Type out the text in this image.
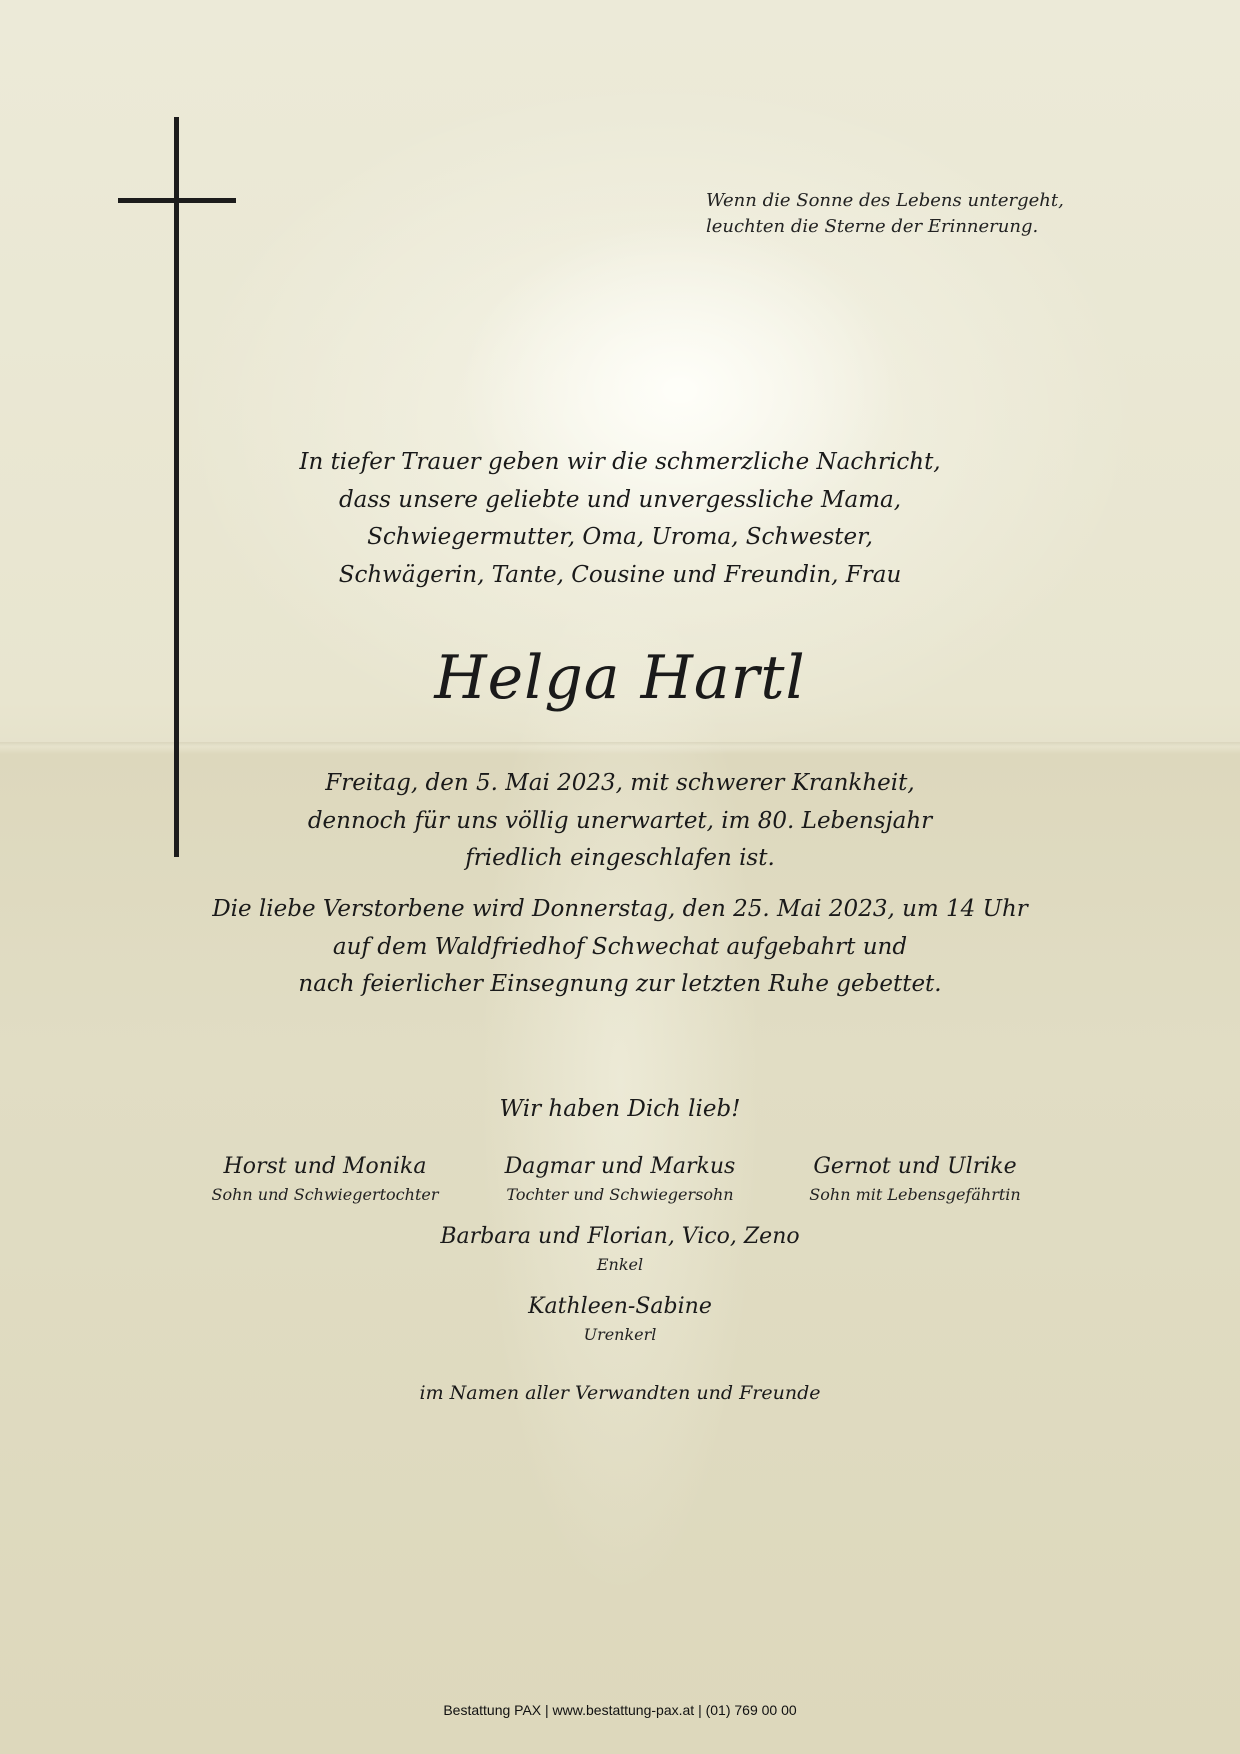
Wenn die Sonne des Lebens untergeht,
leuchten die Sterne der Erinnerung.
In tiefer Trauer geben wir die schmerzliche Nachricht,
dass unsere geliebte und unvergessliche Mama,
Schwiegermutter, Oma, Uroma, Schwester,
Schwägerin, Tante, Cousine und Freundin, Frau
Helga Hartl
Freitag, den 5. Mai 2023, mit schwerer Krankheit,
dennoch für uns völlig unerwartet, im 80. Lebensjahr
friedlich eingeschlafen ist.
Die liebe Verstorbene wird Donnerstag, den 25. Mai 2023, um 14 Uhr
auf dem Waldfriedhof Schwechat aufgebahrt und
nach feierlicher Einsegnung zur letzten Ruhe gebettet.
Wir haben Dich lieb!
Horst und Monika
Sohn und Schwiegertochter
Dagmar und Markus
Tochter und Schwiegersohn
Gernot und Ulrike
Sohn mit Lebensgefährtin
Barbara und Florian, Vico, Zeno
Enkel
Kathleen-Sabine
Urenkerl
im Namen aller Verwandten und Freunde
Bestattung PAX | www.bestattung-pax.at | (01) 769 00 00
